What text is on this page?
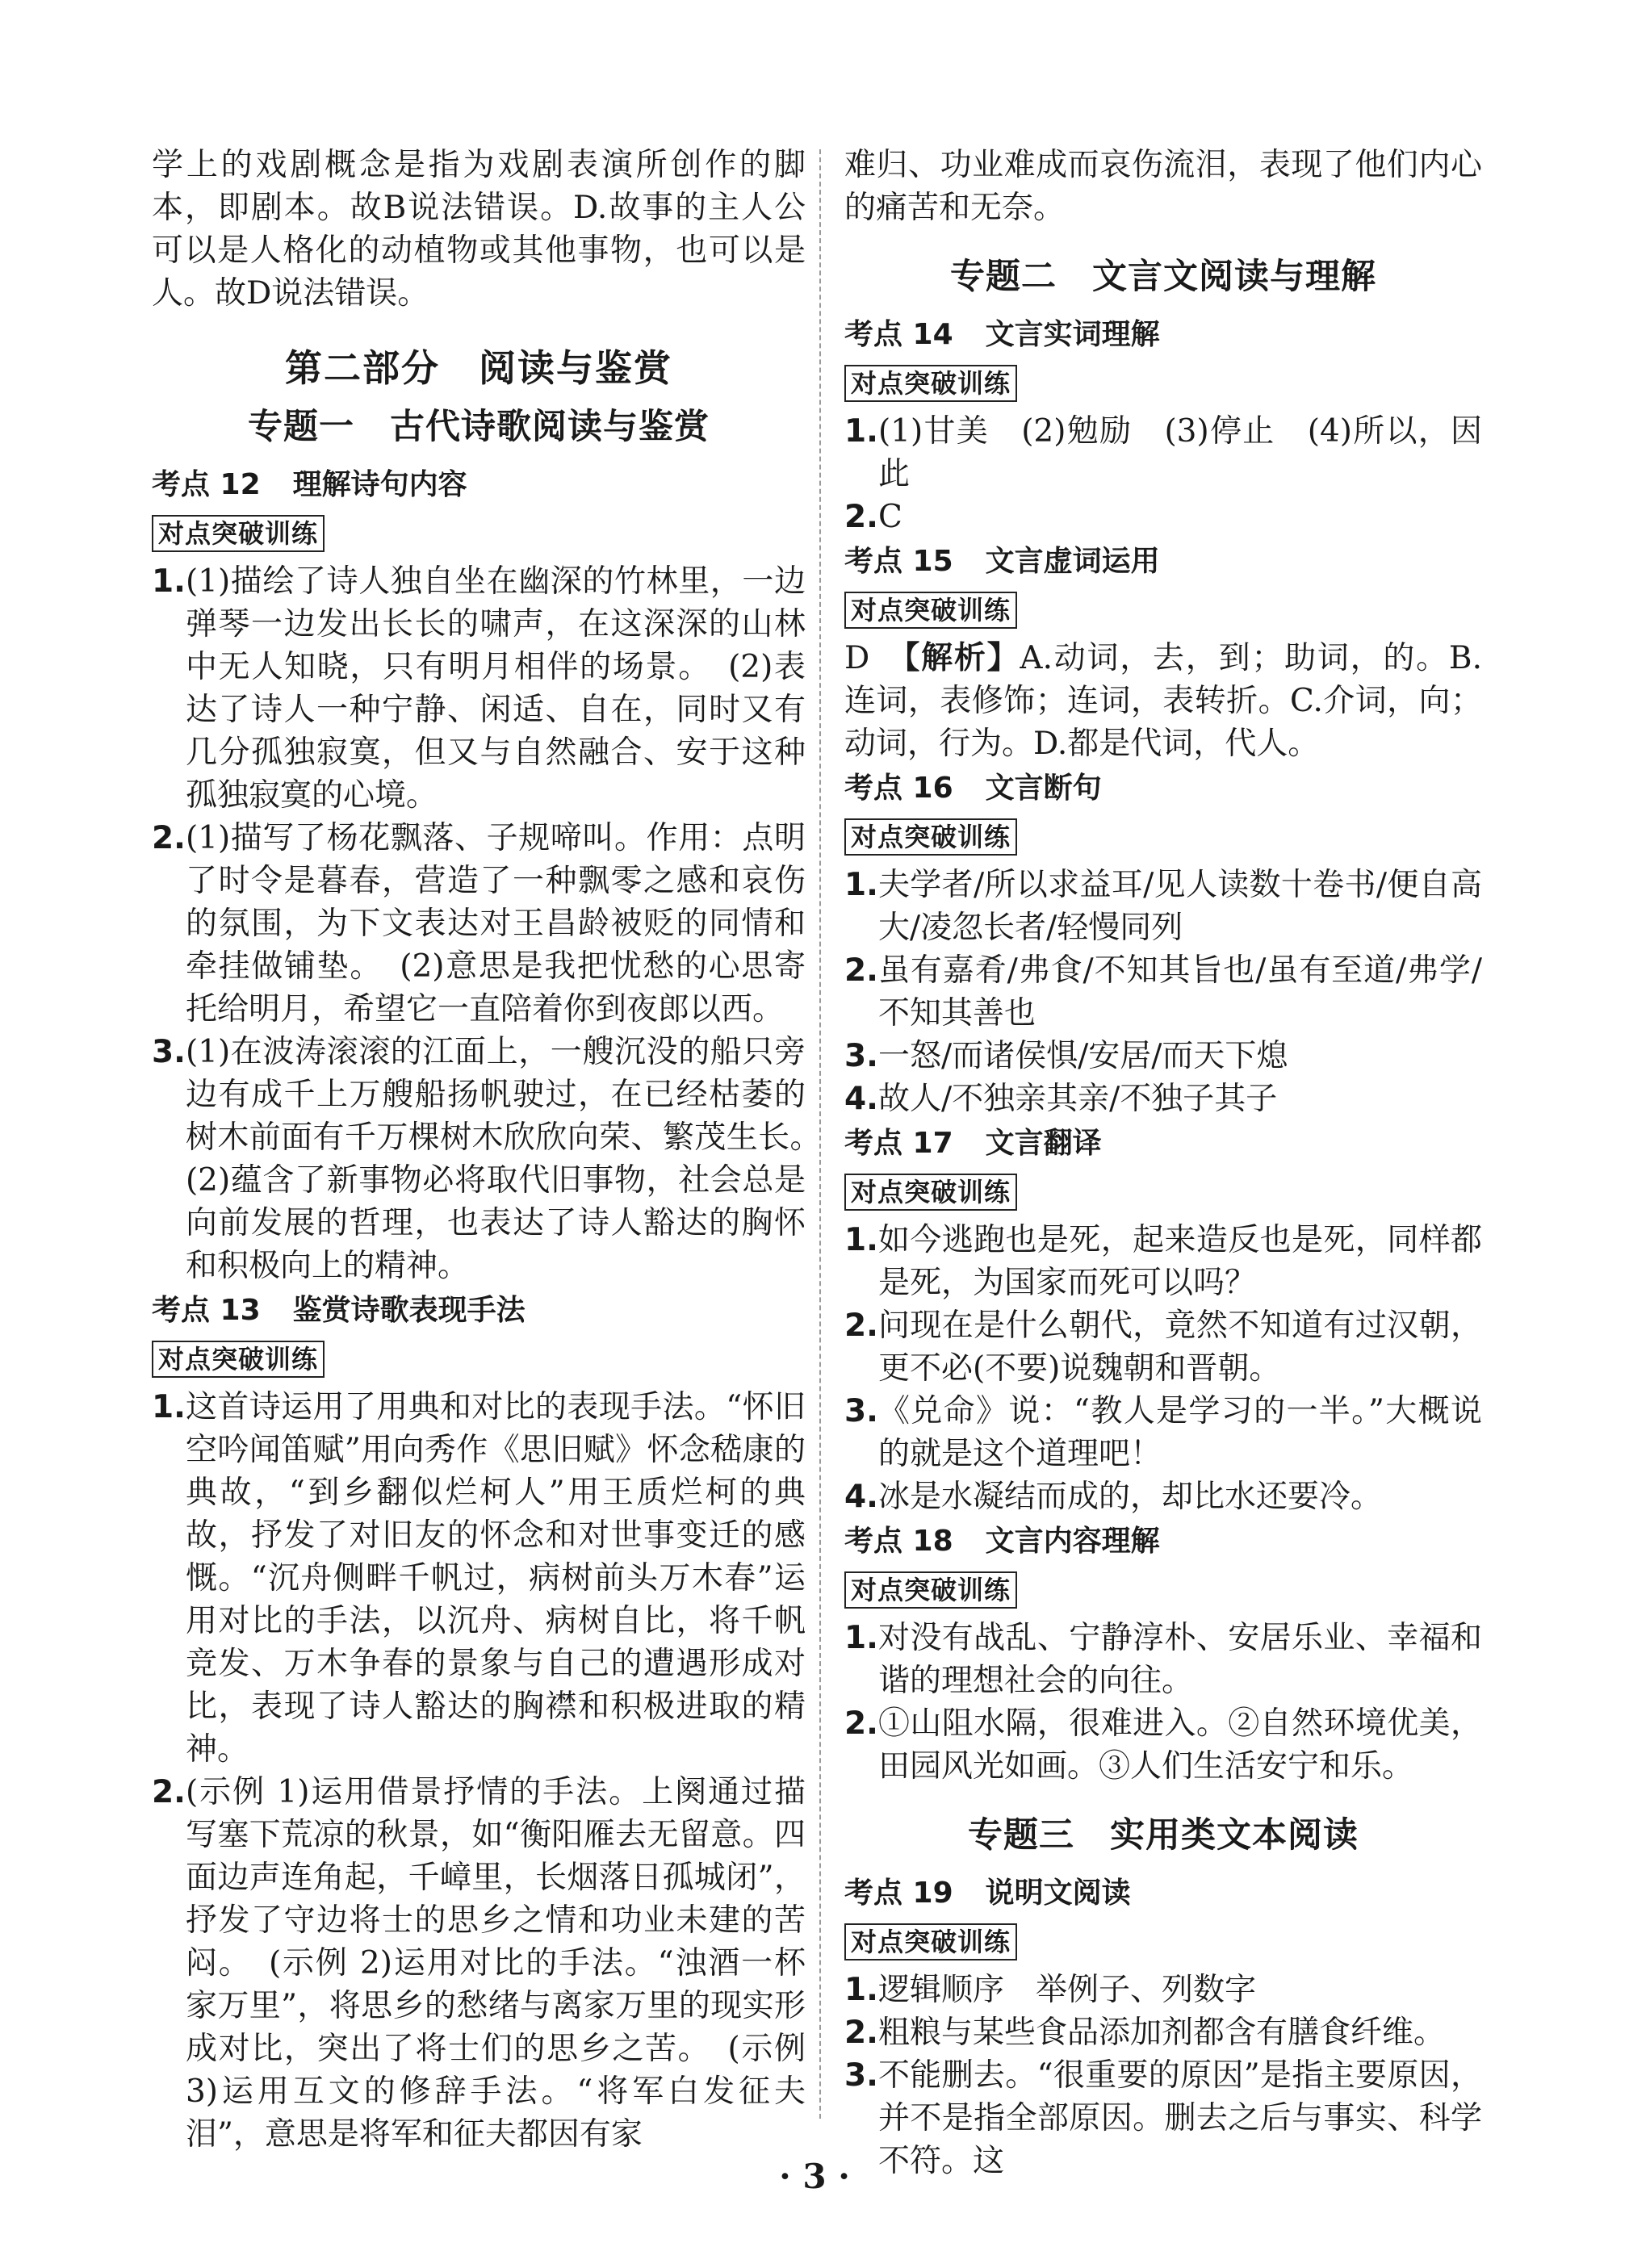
学上的戏剧概念是指为戏剧表演所创作的脚本，即剧本。故B说法错误。D.故事的主人公可以是人格化的动植物或其他事物，也可以是人。故D说法错误。

第二部分　阅读与鉴赏
专题一　古代诗歌阅读与鉴赏
考点 12 理解诗句内容
对点突破训练
1. (1)描绘了诗人独自坐在幽深的竹林里，一边弹琴一边发出长长的啸声，在这深深的山林中无人知晓，只有明月相伴的场景。　(2)表达了诗人一种宁静、闲适、自在，同时又有几分孤独寂寞，但又与自然融合、安于这种孤独寂寞的心境。
2. (1)描写了杨花飘落、子规啼叫。作用：点明了时令是暮春，营造了一种飘零之感和哀伤的氛围，为下文表达对王昌龄被贬的同情和牵挂做铺垫。　(2)意思是我把忧愁的心思寄托给明月，希望它一直陪着你到夜郎以西。
3. (1)在波涛滚滚的江面上，一艘沉没的船只旁边有成千上万艘船扬帆驶过，在已经枯萎的树木前面有千万棵树木欣欣向荣、繁茂生长。　(2)蕴含了新事物必将取代旧事物，社会总是向前发展的哲理，也表达了诗人豁达的胸怀和积极向上的精神。
考点 13 鉴赏诗歌表现手法
对点突破训练
1. 这首诗运用了用典和对比的表现手法。“怀旧空吟闻笛赋”用向秀作《思旧赋》怀念嵇康的典故，“到乡翻似烂柯人”用王质烂柯的典故，抒发了对旧友的怀念和对世事变迁的感慨。“沉舟侧畔千帆过，病树前头万木春”运用对比的手法，以沉舟、病树自比，将千帆竞发、万木争春的景象与自己的遭遇形成对比，表现了诗人豁达的胸襟和积极进取的精神。
2. (示例 1)运用借景抒情的手法。上阕通过描写塞下荒凉的秋景，如“衡阳雁去无留意。四面边声连角起，千嶂里，长烟落日孤城闭”，抒发了守边将士的思乡之情和功业未建的苦闷。　(示例 2)运用对比的手法。“浊酒一杯家万里”，将思乡的愁绪与离家万里的现实形成对比，突出了将士们的思乡之苦。　(示例 3)运用互文的修辞手法。“将军白发征夫泪”，意思是将军和征夫都因有家

难归、功业难成而哀伤流泪，表现了他们内心的痛苦和无奈。

专题二　文言文阅读与理解
考点 14 文言实词理解
对点突破训练
1. (1)甘美　(2)勉励　(3)停止　(4)所以，因此
2. C
考点 15 文言虚词运用
对点突破训练

D　 【解析】A.动词，去，到；助词，的。B.连词，表修饰；连词，表转折。C.介词，向；动词，行为。D.都是代词，代人。

考点 16 文言断句
对点突破训练
1. 夫学者/所以求益耳/见人读数十卷书/便自高大/凌忽长者/轻慢同列
2. 虽有嘉肴/弗食/不知其旨也/虽有至道/弗学/不知其善也
3. 一怒/而诸侯惧/安居/而天下熄
4. 故人/不独亲其亲/不独子其子
考点 17 文言翻译
对点突破训练
1. 如今逃跑也是死，起来造反也是死，同样都是死，为国家而死可以吗？
2. 问现在是什么朝代，竟然不知道有过汉朝，更不必(不要)说魏朝和晋朝。
3. 《兑命》说：“教人是学习的一半。”大概说的就是这个道理吧！
4. 冰是水凝结而成的，却比水还要冷。
考点 18 文言内容理解
对点突破训练
1. 对没有战乱、宁静淳朴、安居乐业、幸福和谐的理想社会的向往。
2. ①山阻水隔，很难进入。②自然环境优美，田园风光如画。③人们生活安宁和乐。
专题三　实用类文本阅读
考点 19 说明文阅读
对点突破训练
1. 逻辑顺序　举例子、列数字
2. 粗粮与某些食品添加剂都含有膳食纤维。
3. 不能删去。“很重要的原因”是指主要原因，并不是指全部原因。删去之后与事实、科学不符。这
· 3 ·
